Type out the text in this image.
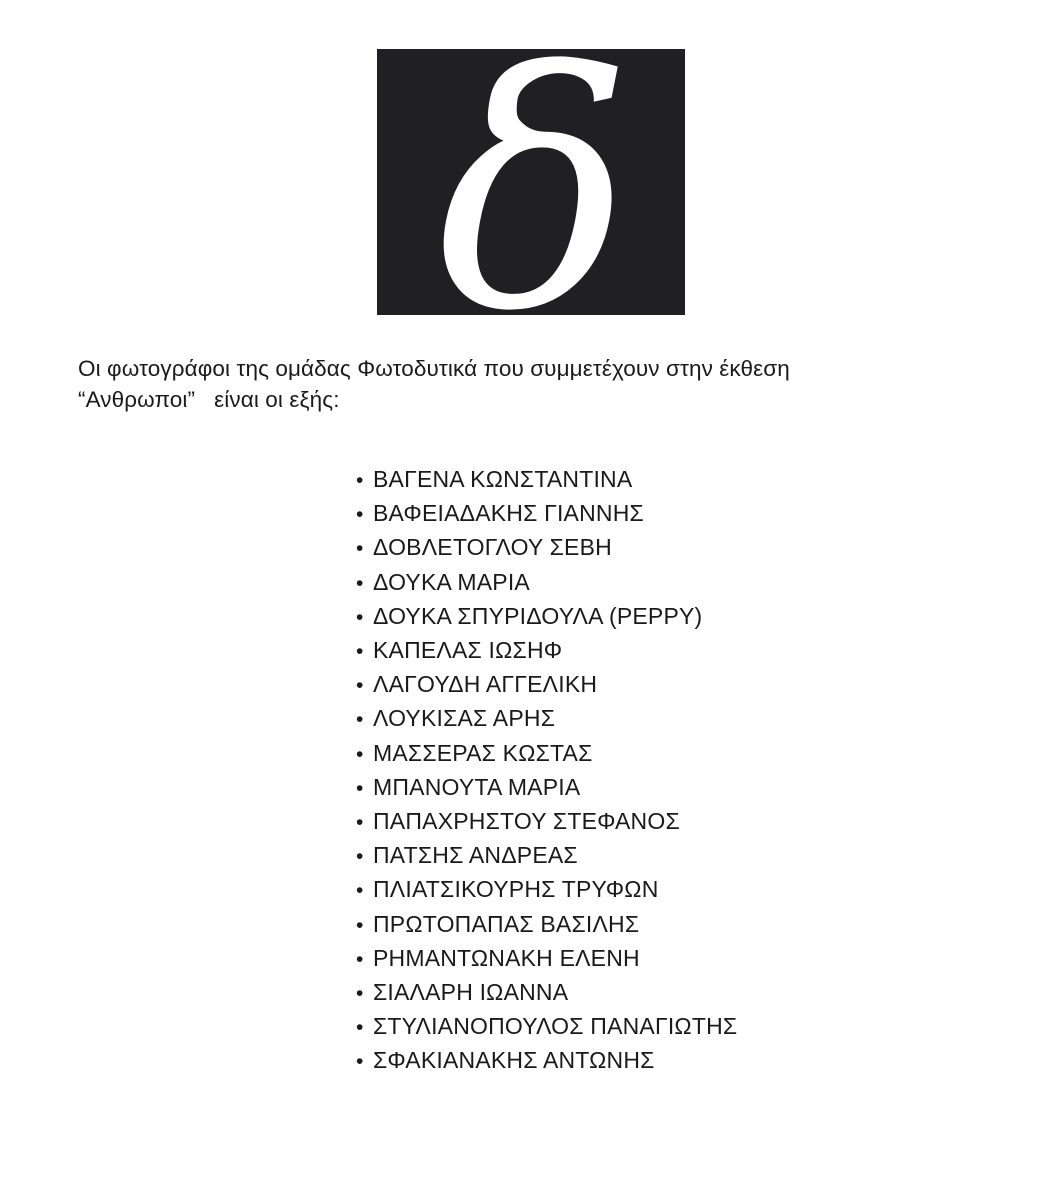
δ
Οι φωτογράφοι της ομάδας Φωτοδυτικά που συμμετέχουν στην έκθεση
“Ανθρωποι”   είναι οι εξής:
• ΒΑΓΕΝΑ ΚΩΝΣΤΑΝΤΙΝΑ
• ΒΑΦΕΙΑΔΑΚΗΣ ΓΙΑΝΝΗΣ
• ΔΟΒΛΕΤΟΓΛΟΥ ΣΕΒΗ
• ΔΟΥΚΑ ΜΑΡΙΑ
• ΔΟΥΚΑ ΣΠΥΡΙΔΟΥΛΑ (PEPPY)
• ΚΑΠΕΛΑΣ ΙΩΣΗΦ
• ΛΑΓΟΥΔΗ ΑΓΓΕΛΙΚΗ
• ΛΟΥΚΙΣΑΣ ΑΡΗΣ
• ΜΑΣΣΕΡΑΣ ΚΩΣΤΑΣ
• ΜΠΑΝΟΥΤΑ ΜΑΡΙΑ
• ΠΑΠΑΧΡΗΣΤΟΥ ΣΤΕΦΑΝΟΣ
• ΠΑΤΣΗΣ ΑΝΔΡΕΑΣ
• ΠΛΙΑΤΣΙΚΟΥΡΗΣ ΤΡΥΦΩΝ
• ΠΡΩΤΟΠΑΠΑΣ ΒΑΣΙΛΗΣ
• ΡΗΜΑΝΤΩΝΑΚΗ ΕΛΕΝΗ
• ΣΙΑΛΑΡΗ ΙΩΑΝΝΑ
• ΣΤΥΛΙΑΝΟΠΟΥΛΟΣ ΠΑΝΑΓΙΩΤΗΣ
• ΣΦΑΚΙΑΝΑΚΗΣ ΑΝΤΩΝΗΣ
